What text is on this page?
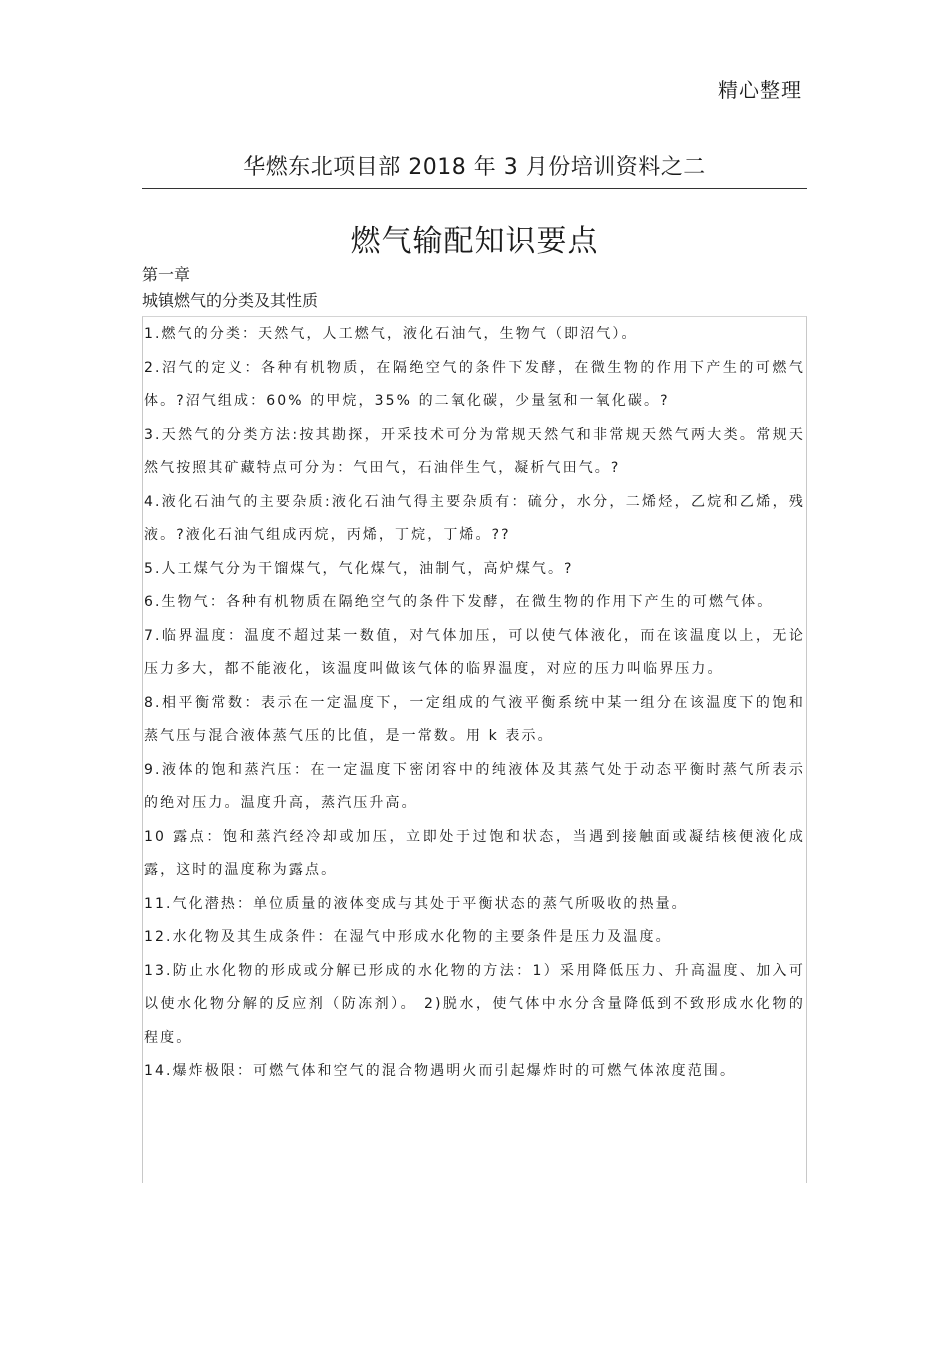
精心整理
华燃东北项目部 2018 年 3 月份培训资料之二
燃气输配知识要点
第一章
城镇燃气的分类及其性质

1.燃气的分类：天然气，人工燃气，液化石油气，生物气（即沼气）。

2.沼气的定义：各种有机物质，在隔绝空气的条件下发酵，在微生物的作用下产生的可燃气体。?沼气组成：60% 的甲烷，35% 的二氧化碳，少量氢和一氧化碳。?

3.天然气的分类方法:按其勘探，开采技术可分为常规天然气和非常规天然气两大类。常规天然气按照其矿藏特点可分为：气田气，石油伴生气，凝析气田气。?

4.液化石油气的主要杂质:液化石油气得主要杂质有：硫分，水分，二烯烃，乙烷和乙烯，残液。?液化石油气组成丙烷，丙烯，丁烷，丁烯。??

5.人工煤气分为干馏煤气，气化煤气，油制气，高炉煤气。?

6.生物气：各种有机物质在隔绝空气的条件下发酵，在微生物的作用下产生的可燃气体。

7.临界温度：温度不超过某一数值，对气体加压，可以使气体液化，而在该温度以上，无论压力多大，都不能液化，该温度叫做该气体的临界温度，对应的压力叫临界压力。

8.相平衡常数：表示在一定温度下，一定组成的气液平衡系统中某一组分在该温度下的饱和蒸气压与混合液体蒸气压的比值，是一常数。用 k 表示。

9.液体的饱和蒸汽压：在一定温度下密闭容中的纯液体及其蒸气处于动态平衡时蒸气所表示的绝对压力。温度升高，蒸汽压升高。

10 露点：饱和蒸汽经冷却或加压，立即处于过饱和状态，当遇到接触面或凝结核便液化成露，这时的温度称为露点。

11.气化潜热：单位质量的液体变成与其处于平衡状态的蒸气所吸收的热量。

12.水化物及其生成条件：在湿气中形成水化物的主要条件是压力及温度。

13.防止水化物的形成或分解已形成的水化物的方法：1）采用降低压力、升高温度、加入可以使水化物分解的反应剂（防冻剂）。 2)脱水，使气体中水分含量降低到不致形成水化物的程度。

14.爆炸极限：可燃气体和空气的混合物遇明火而引起爆炸时的可燃气体浓度范围。
